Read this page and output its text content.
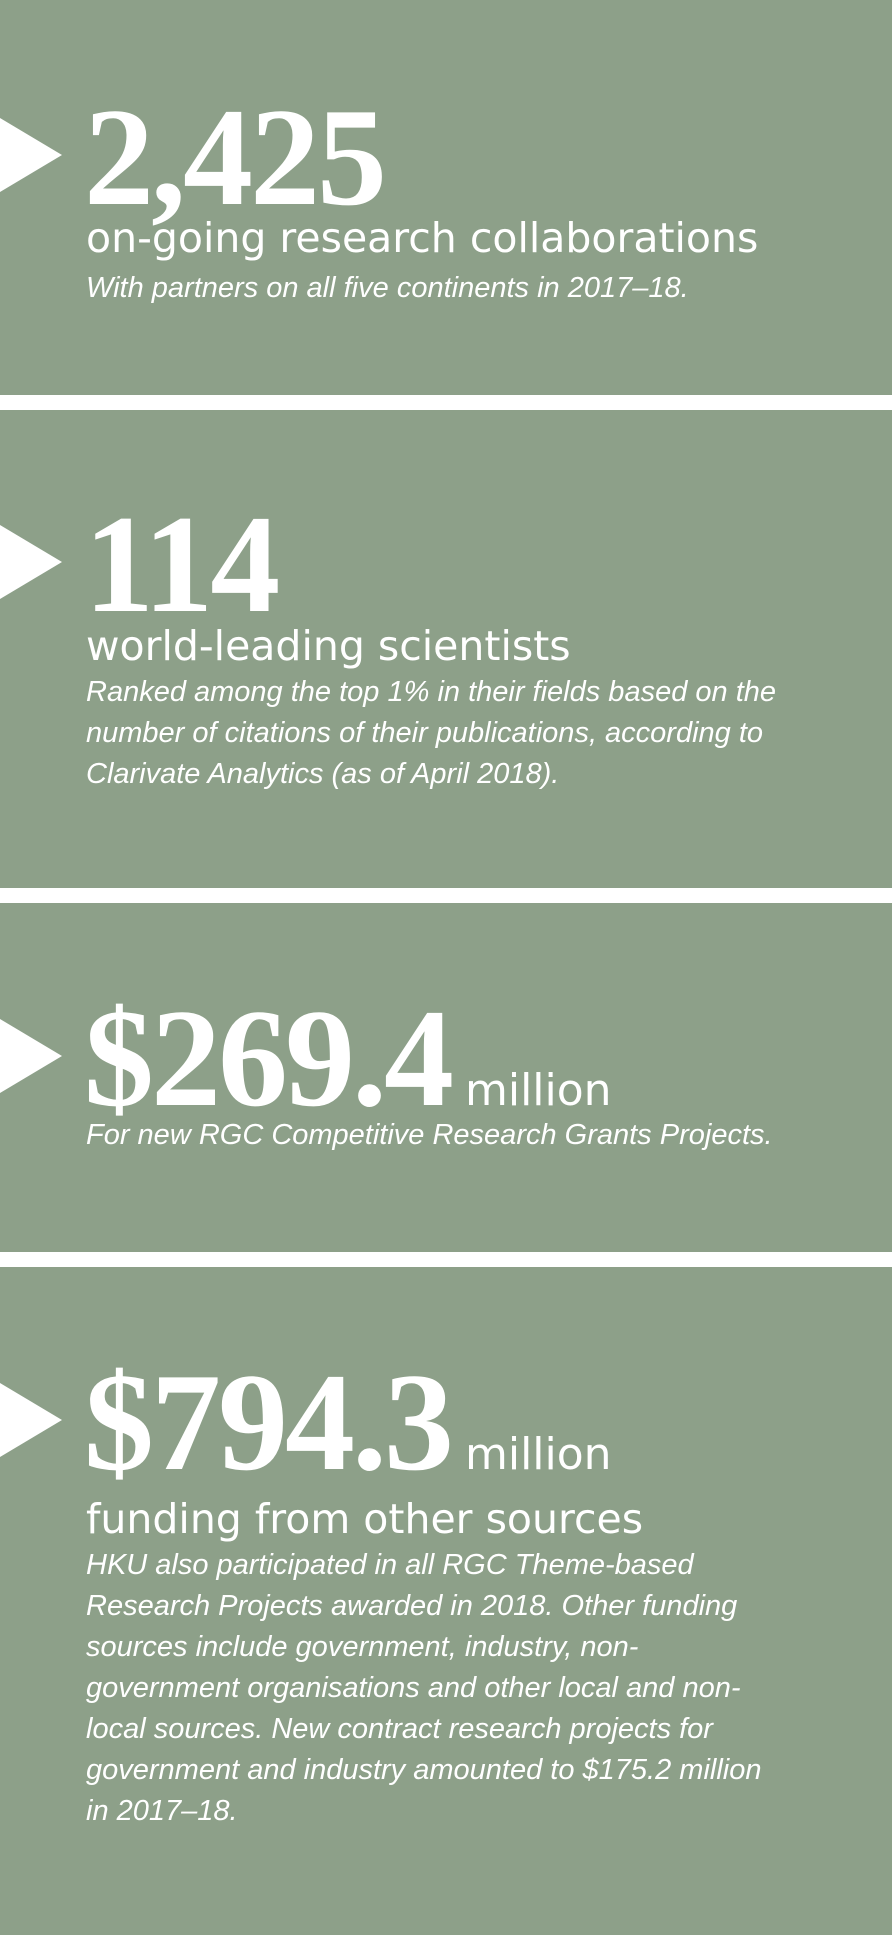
2,425
on-going research collaborations

With partners on all five continents in 2017–18.

114
world-leading scientists

Ranked among the top 1% in their fields based on the number of citations of their publications, according to Clarivate Analytics (as of April 2018).

$269.4 million

For new RGC Competitive Research Grants Projects.

$794.3 million
funding from other sources

HKU also participated in all RGC Theme-based Research Projects awarded in 2018. Other funding sources include government, industry, non-government organisations and other local and non-local sources. New contract research projects for government and industry amounted to $175.2 million in 2017–18.
